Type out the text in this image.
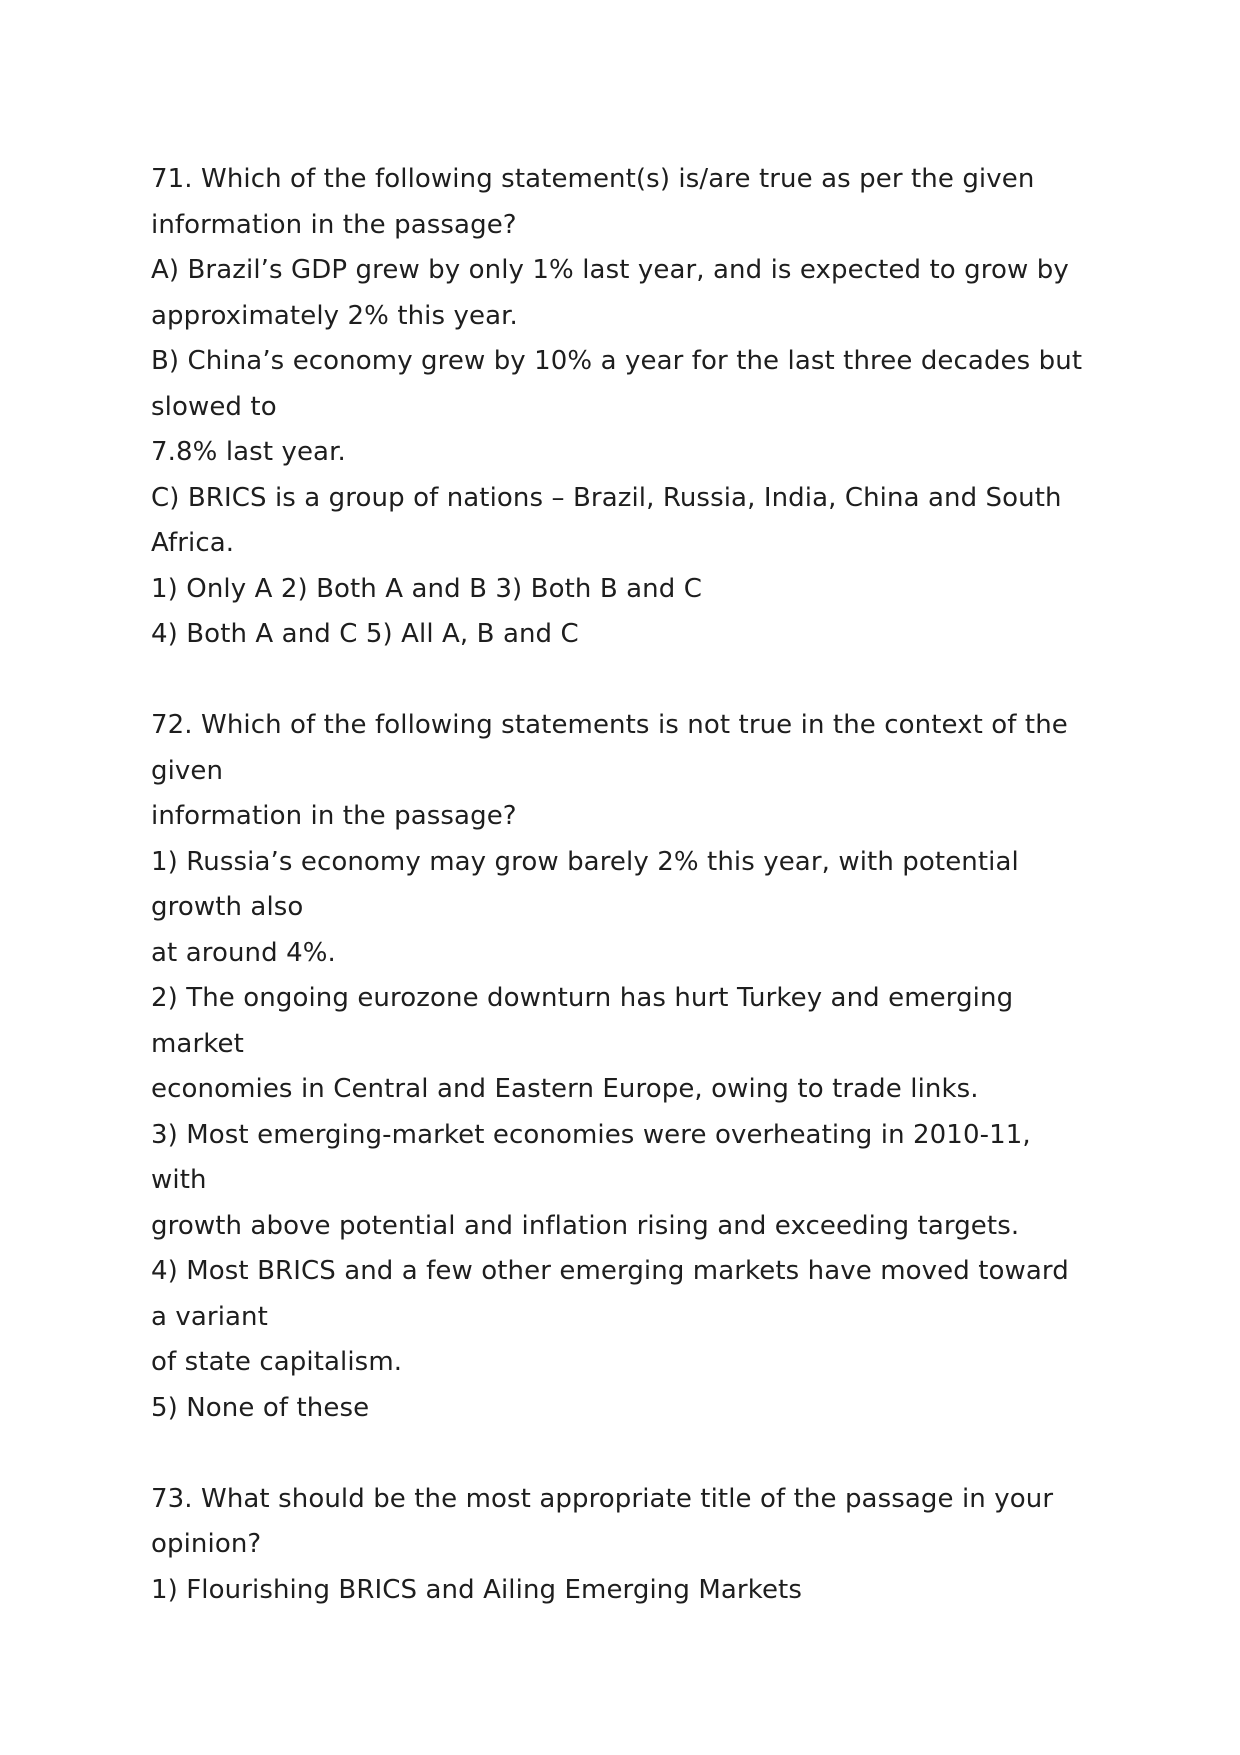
71. Which of the following statement(s) is/are true as per the given
information in the passage?
A) Brazil’s GDP grew by only 1% last year, and is expected to grow by
approximately 2% this year.
B) China’s economy grew by 10% a year for the last three decades but
slowed to
7.8% last year.
C) BRICS is a group of nations – Brazil, Russia, India, China and South
Africa.
1) Only A 2) Both A and B 3) Both B and C
4) Both A and C 5) All A, B and C
72. Which of the following statements is not true in the context of the
given
information in the passage?
1) Russia’s economy may grow barely 2% this year, with potential
growth also
at around 4%.
2) The ongoing eurozone downturn has hurt Turkey and emerging
market
economies in Central and Eastern Europe, owing to trade links.
3) Most emerging-market economies were overheating in 2010-11,
with
growth above potential and inflation rising and exceeding targets.
4) Most BRICS and a few other emerging markets have moved toward
a variant
of state capitalism.
5) None of these
73. What should be the most appropriate title of the passage in your
opinion?
1) Flourishing BRICS and Ailing Emerging Markets
